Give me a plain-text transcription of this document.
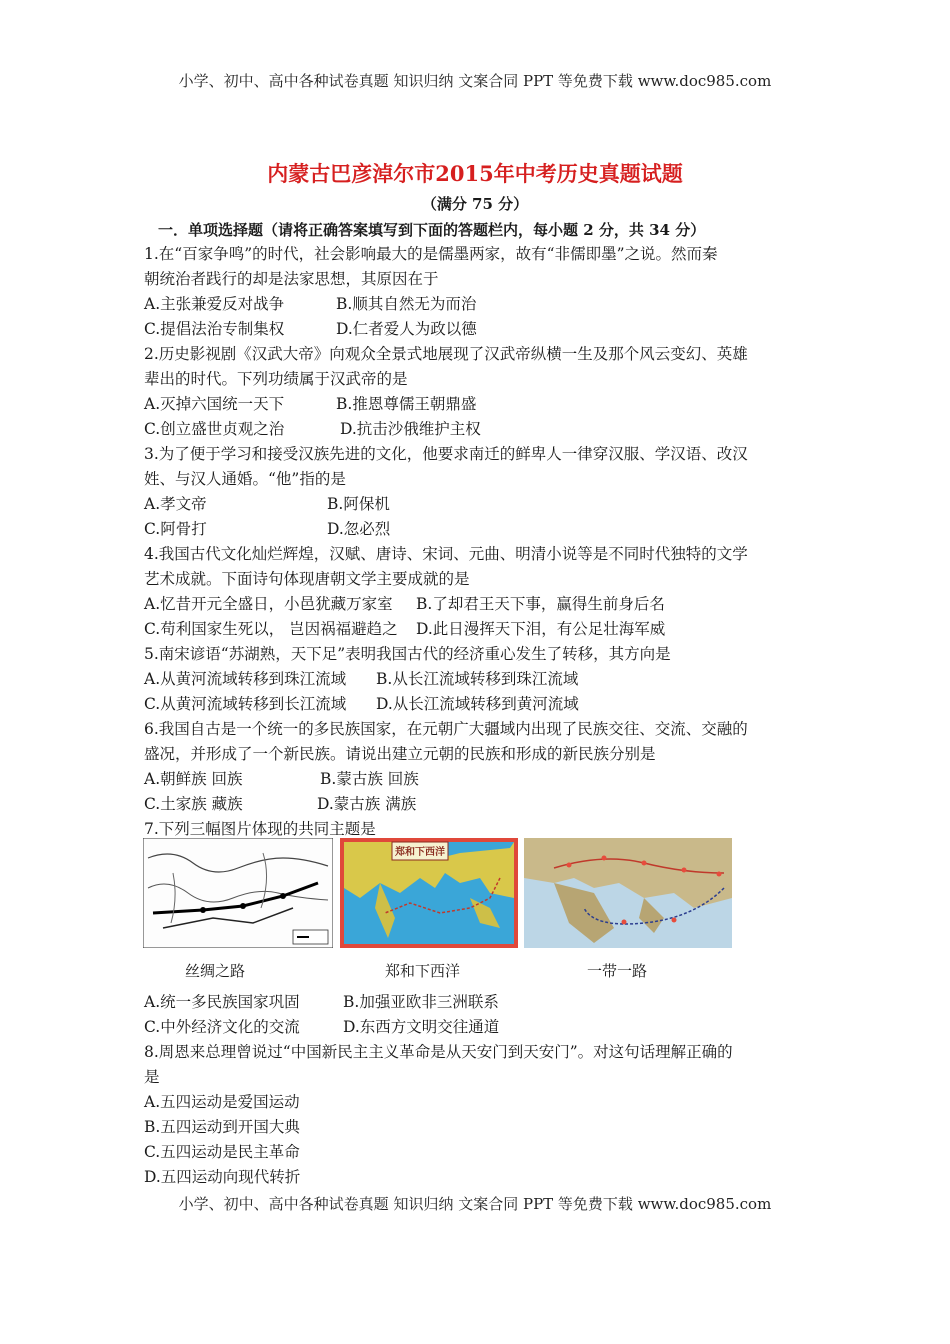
小学、初中、高中各种试卷真题 知识归纳 文案合同 PPT 等免费下载 www.doc985.com
内蒙古巴彦淖尔市2015年中考历史真题试题
（满分 75 分）
一．单项选择题（请将正确答案填写到下面的答题栏内，每小题 2 分，共 34 分）
1.在“百家争鸣”的时代，社会影响最大的是儒墨两家，故有“非儒即墨”之说。然而秦
朝统治者践行的却是法家思想，其原因在于
A.主张兼爱反对战争	B.顺其自然无为而治
C.提倡法治专制集权	D.仁者爱人为政以德
2.历史影视剧《汉武大帝》向观众全景式地展现了汉武帝纵横一生及那个风云变幻、英雄
辈出的时代。下列功绩属于汉武帝的是
A.灭掉六国统一天下	B.推恩尊儒王朝鼎盛
C.创立盛世贞观之治	D.抗击沙俄维护主权
3.为了便于学习和接受汉族先进的文化，他要求南迁的鲜卑人一律穿汉服、学汉语、改汉
姓、与汉人通婚。“他”指的是
A.孝文帝	B.阿保机
C.阿骨打	D.忽必烈
4.我国古代文化灿烂辉煌，汉赋、唐诗、宋词、元曲、明清小说等是不同时代独特的文学
艺术成就。下面诗句体现唐朝文学主要成就的是
A.忆昔开元全盛日，小邑犹藏万家室 B.了却君王天下事，赢得生前身后名
C.苟利国家生死以， 岂因祸福避趋之 D.此日漫挥天下泪，有公足壮海军威
5.南宋谚语“苏湖熟，天下足”表明我国古代的经济重心发生了转移，其方向是
A.从黄河流域转移到珠江流域 B.从长江流域转移到珠江流域
C.从黄河流域转移到长江流域 D.从长江流域转移到黄河流域
6.我国自古是一个统一的多民族国家，在元朝广大疆域内出现了民族交往、交流、交融的
盛况，并形成了一个新民族。请说出建立元朝的民族和形成的新民族分别是
A.朝鲜族 回族	B.蒙古族 回族
C.土家族 藏族	D.蒙古族 满族
7.下列三幅图片体现的共同主题是
郑和下西洋
丝绸之路	郑和下西洋	一带一路
A.统一多民族国家巩固	B.加强亚欧非三洲联系
C.中外经济文化的交流	D.东西方文明交往通道
8.周恩来总理曾说过“中国新民主主义革命是从天安门到天安门”。对这句话理解正确的
是
A.五四运动是爱国运动
B.五四运动到开国大典
C.五四运动是民主革命
D.五四运动向现代转折
小学、初中、高中各种试卷真题 知识归纳 文案合同 PPT 等免费下载 www.doc985.com
